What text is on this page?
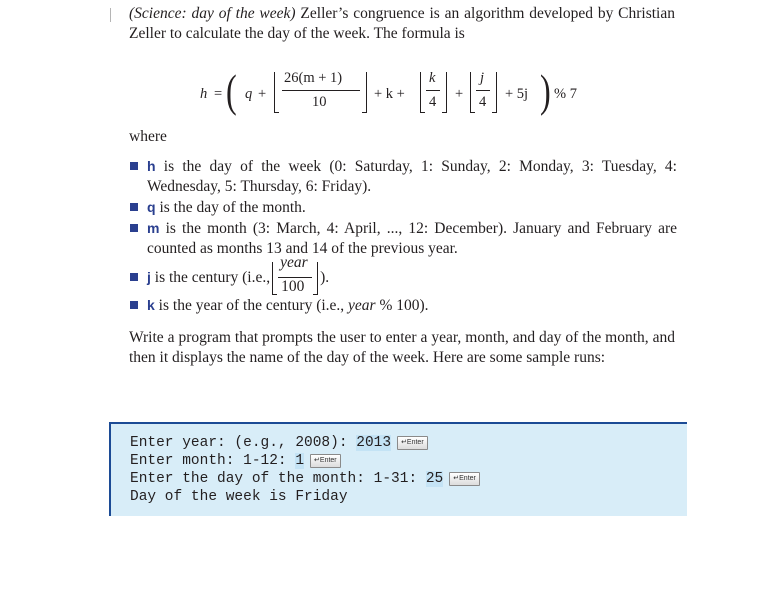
(Science: day of the week) Zeller’s congruence is an algorithm developed by Christian Zeller to calculate the day of the week. The formula is
h = ( q +
26(m + 1)
10	+ k +
k
4 +
j
4 + 5j ) % 7
where
h is the day of the week (0: Saturday, 1: Sunday, 2: Monday, 3: Tuesday, 4: Wednesday, 5: Thursday, 6: Friday).
q is the day of the month.
m is the month (3: March, 4: April, ..., 12: December). January and February are counted as months 13 and 14 of the previous year.
j is the century (i.e.,
year
100
).
k is the year of the century (i.e., year % 100).
Write a program that prompts the user to enter a year, month, and day of the month, and then it displays the name of the day of the week. Here are some sample runs:
Enter year: (e.g., 2008): 2013 ↵Enter
Enter month: 1-12: 1 ↵Enter
Enter the day of the month: 1-31: 25 ↵Enter
Day of the week is Friday
